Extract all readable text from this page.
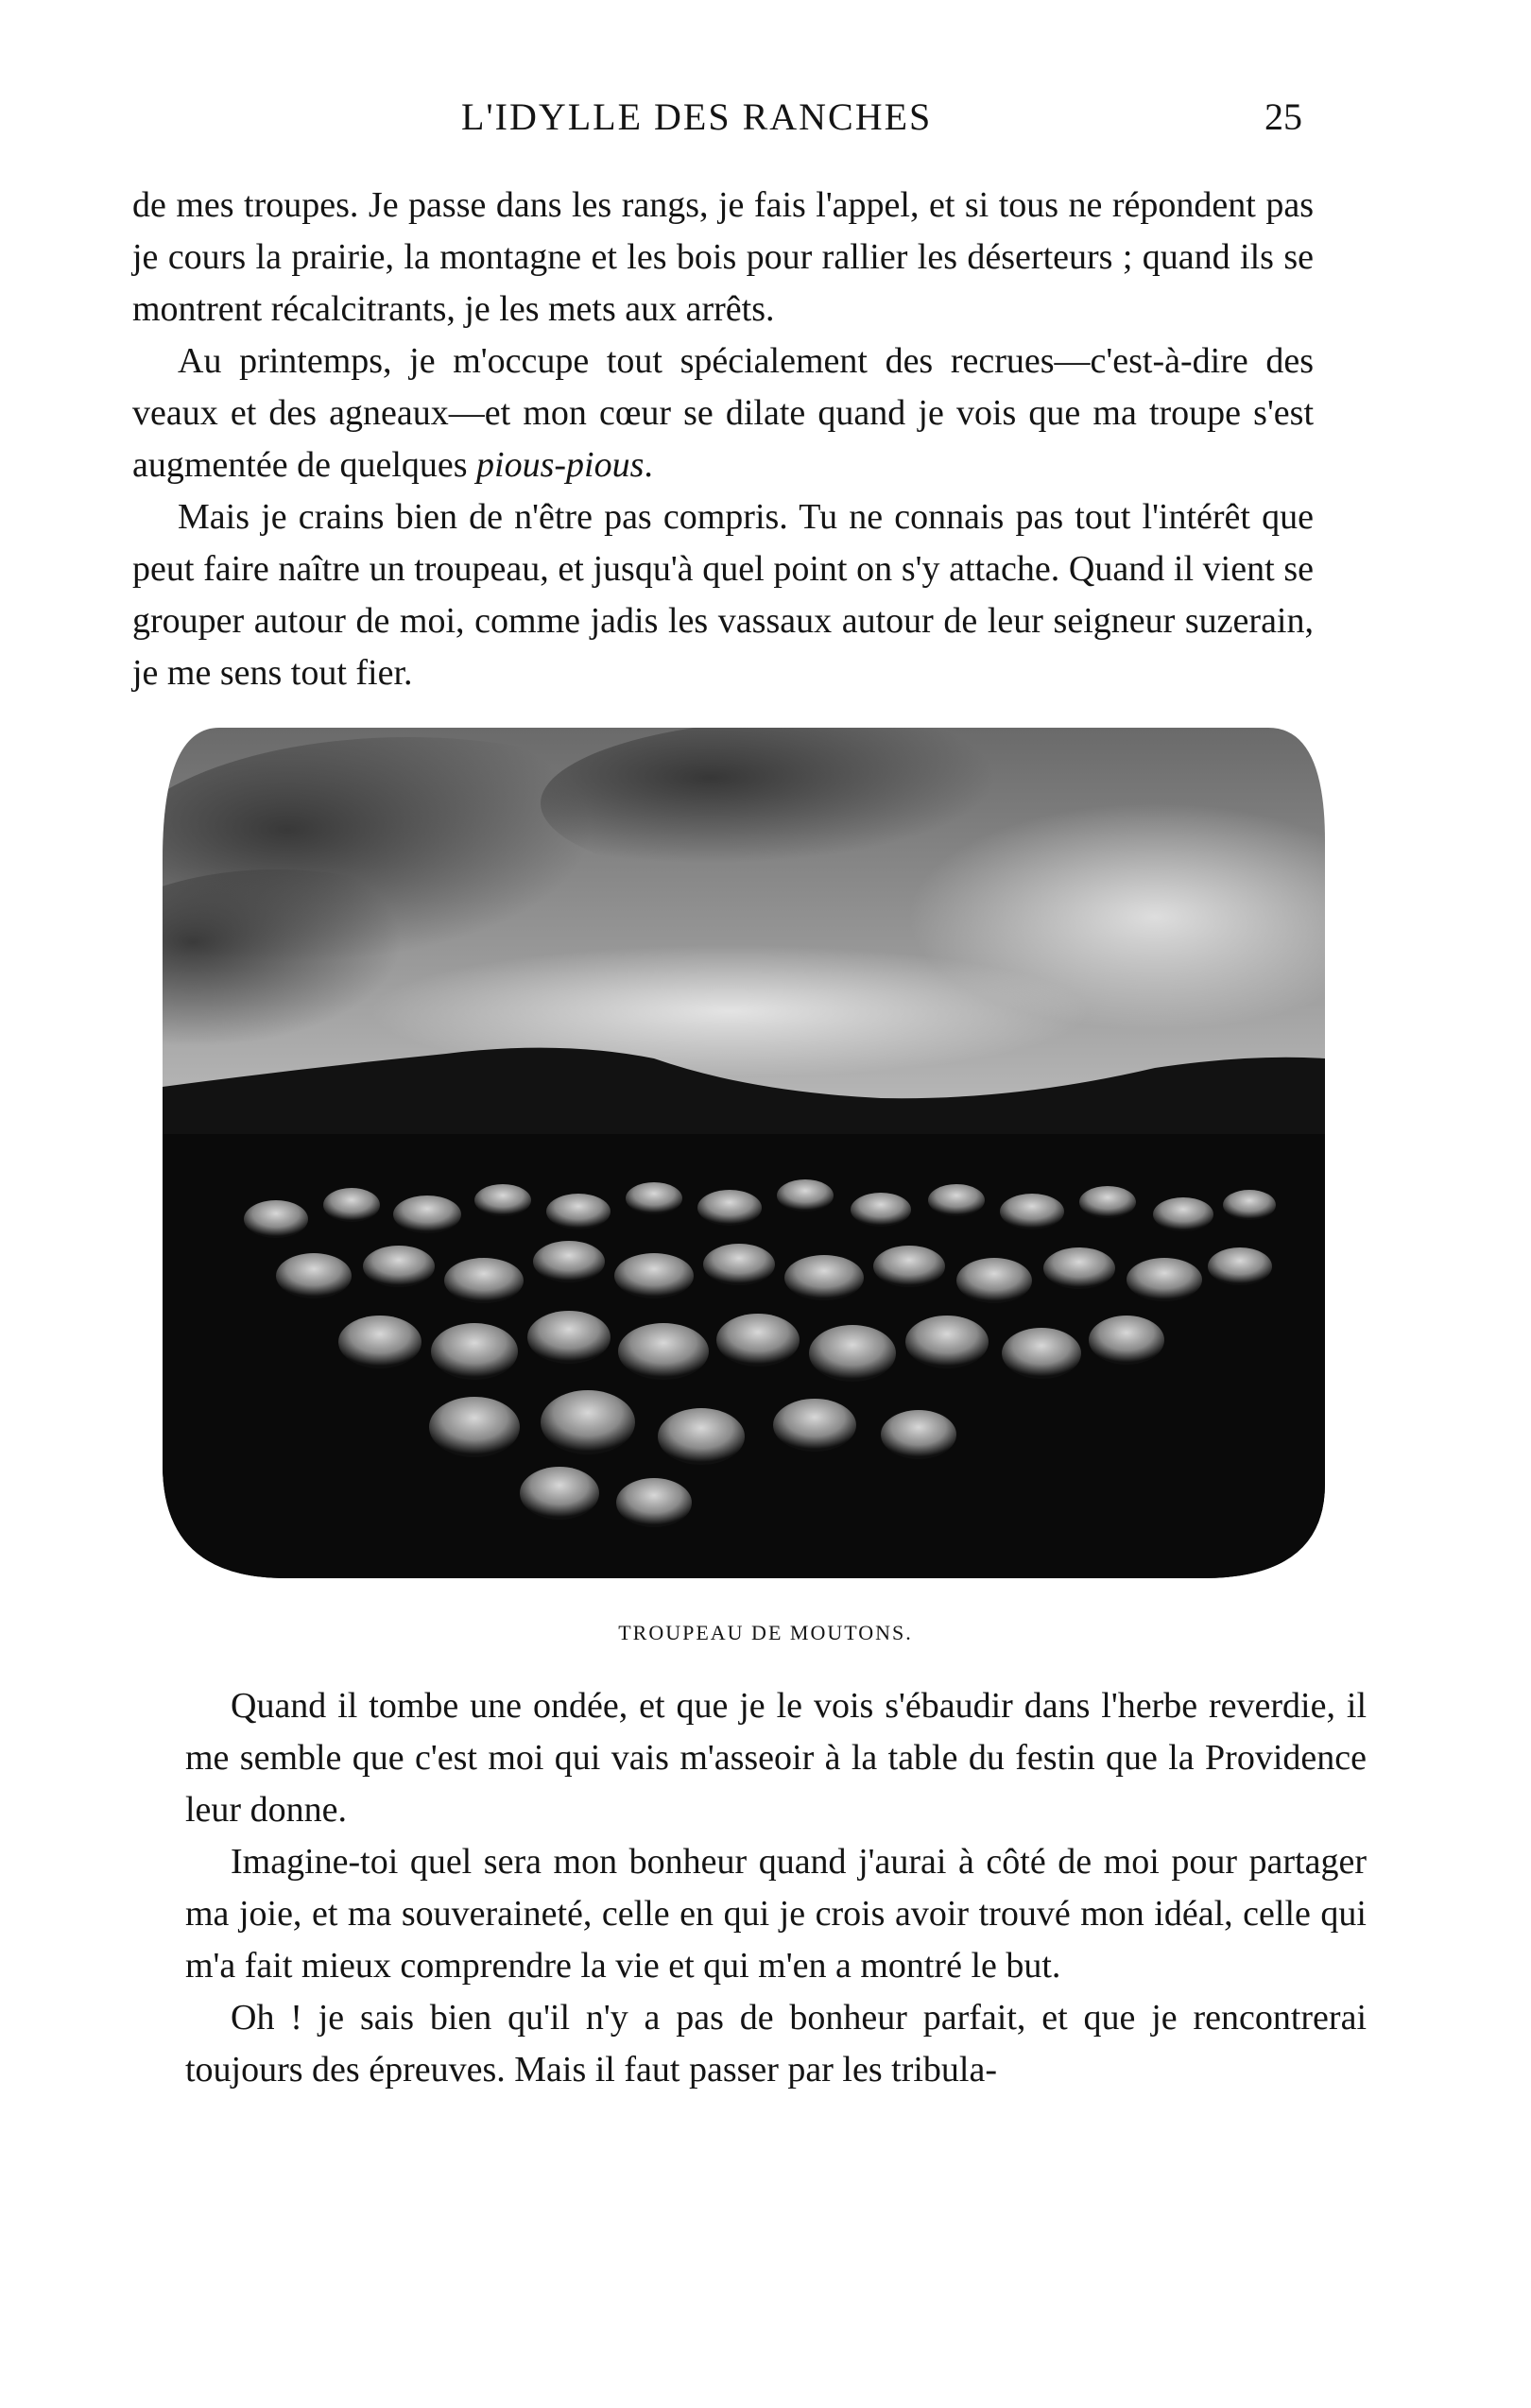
L'IDYLLE DES RANCHES	25

de mes troupes. Je passe dans les rangs, je fais l'appel, et si tous ne répondent pas je cours la prairie, la montagne et les bois pour rallier les déserteurs ; quand ils se montrent récalcitrants, je les mets aux arrêts.

Au printemps, je m'occupe tout spécialement des recrues—c'est-à-dire des veaux et des agneaux—et mon cœur se dilate quand je vois que ma troupe s'est augmentée de quelques pious-pious.

Mais je crains bien de n'être pas compris. Tu ne connais pas tout l'intérêt que peut faire naître un troupeau, et jusqu'à quel point on s'y attache. Quand il vient se grouper autour de moi, comme jadis les vassaux autour de leur seigneur suzerain, je me sens tout fier.

TROUPEAU DE MOUTONS.

Quand il tombe une ondée, et que je le vois s'ébaudir dans l'herbe reverdie, il me semble que c'est moi qui vais m'asseoir à la table du festin que la Providence leur donne.

Imagine-toi quel sera mon bonheur quand j'aurai à côté de moi pour partager ma joie, et ma souveraineté, celle en qui je crois avoir trouvé mon idéal, celle qui m'a fait mieux comprendre la vie et qui m'en a montré le but.

Oh ! je sais bien qu'il n'y a pas de bonheur parfait, et que je rencontrerai toujours des épreuves. Mais il faut passer par les tribula-
